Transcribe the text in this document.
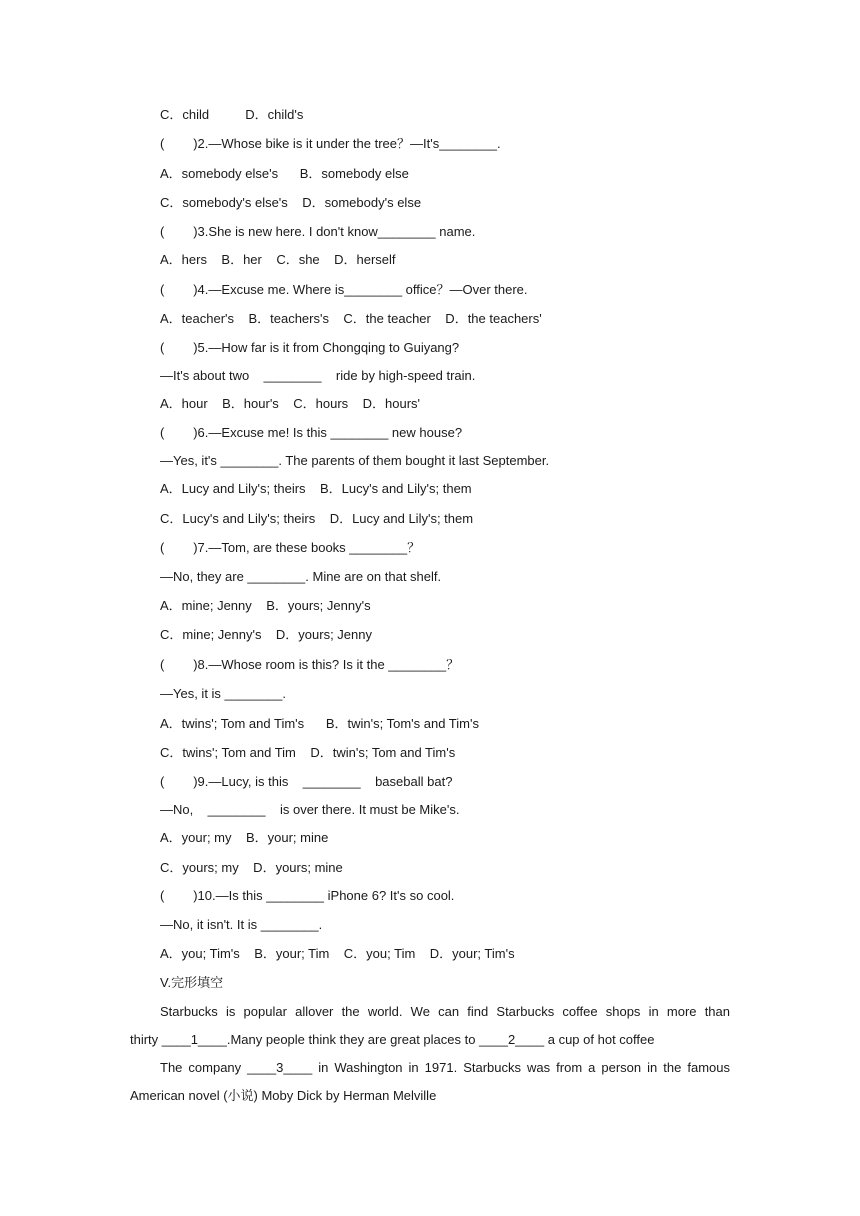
C．child          D．child's
(        )2.—Whose bike is it under the tree？—It's________.
A．somebody else's      B．somebody else
C．somebody's else's    D．somebody's else
(        )3.She is new here. I don't know________ name.
A．hers    B．her    C．she    D．herself
(        )4.—Excuse me. Where is________ office？—Over there.
A．teacher's    B．teachers's    C．the teacher    D．the teachers'
(        )5.—How far is it from Chongqing to Guiyang?
—It's about two    ________    ride by high-speed train.
A．hour    B．hour's    C．hours    D．hours'
(        )6.—Excuse me! Is this ________ new house?
—Yes, it's ________. The parents of them bought it last September.
A．Lucy and Lily's; theirs    B．Lucy's and Lily's; them
C．Lucy's and Lily's; theirs    D．Lucy and Lily's; them
(        )7.—Tom, are these books ________？
—No, they are ________. Mine are on that shelf.
A．mine; Jenny    B．yours; Jenny's
C．mine; Jenny's    D．yours; Jenny
(        )8.—Whose room is this? Is it the ________？
—Yes, it is ________.
A．twins'; Tom and Tim's      B．twin's; Tom's and Tim's
C．twins'; Tom and Tim    D．twin's; Tom and Tim's
(        )9.—Lucy, is this    ________    baseball bat?
—No,    ________    is over there. It must be Mike's.
A．your; my    B．your; mine
C．yours; my    D．yours; mine
(        )10.—Is this ________ iPhone 6? It's so cool.
—No, it isn't. It is ________.
A．you; Tim's    B．your; Tim    C．you; Tim    D．your; Tim's
V.完形填空
Starbucks is popular allover the world. We can find Starbucks coffee shops in more than
thirty ____1____.Many people think they are great places to ____2____ a cup of hot coffee
The company ____3____ in Washington in 1971. Starbucks was from a person in the famous
American novel (小说) Moby Dick by Herman Melville
